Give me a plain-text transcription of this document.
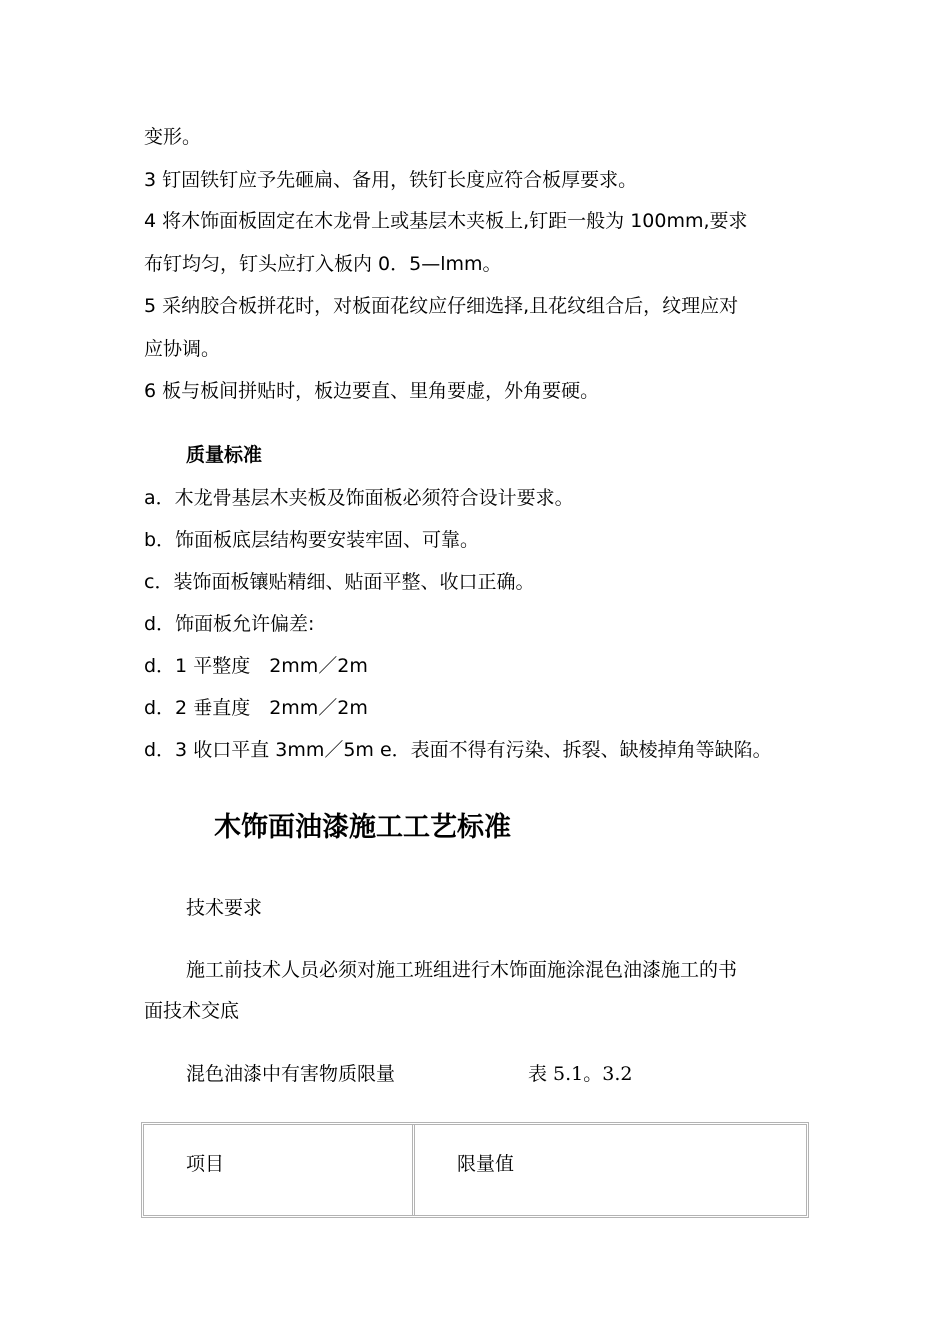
变形。

3 钉固铁钉应予先砸扁、备用，铁钉长度应符合板厚要求。

4 将木饰面板固定在木龙骨上或基层木夹板上,钉距一般为 100mm,要求

布钉均匀，钉头应打入板内 0．5—lmm。

5 采纳胶合板拼花时，对板面花纹应仔细选择,且花纹组合后，纹理应对

应协调。

6 板与板间拼贴时，板边要直、里角要虚，外角要硬。

质量标准

a．木龙骨基层木夹板及饰面板必须符合设计要求。

b．饰面板底层结构要安装牢固、可靠。

c．装饰面板镶贴精细、贴面平整、收口正确。

d．饰面板允许偏差:

d．1 平整度　2mm／2m

d．2 垂直度　2mm／2m

d．3 收口平直 3mm／5m e．表面不得有污染、拆裂、缺棱掉角等缺陷。

木饰面油漆施工工艺标准

技术要求

施工前技术人员必须对施工班组进行木饰面施涂混色油漆施工的书

面技术交底

混色油漆中有害物质限量	表 5.1。3.2
项目	限量值
